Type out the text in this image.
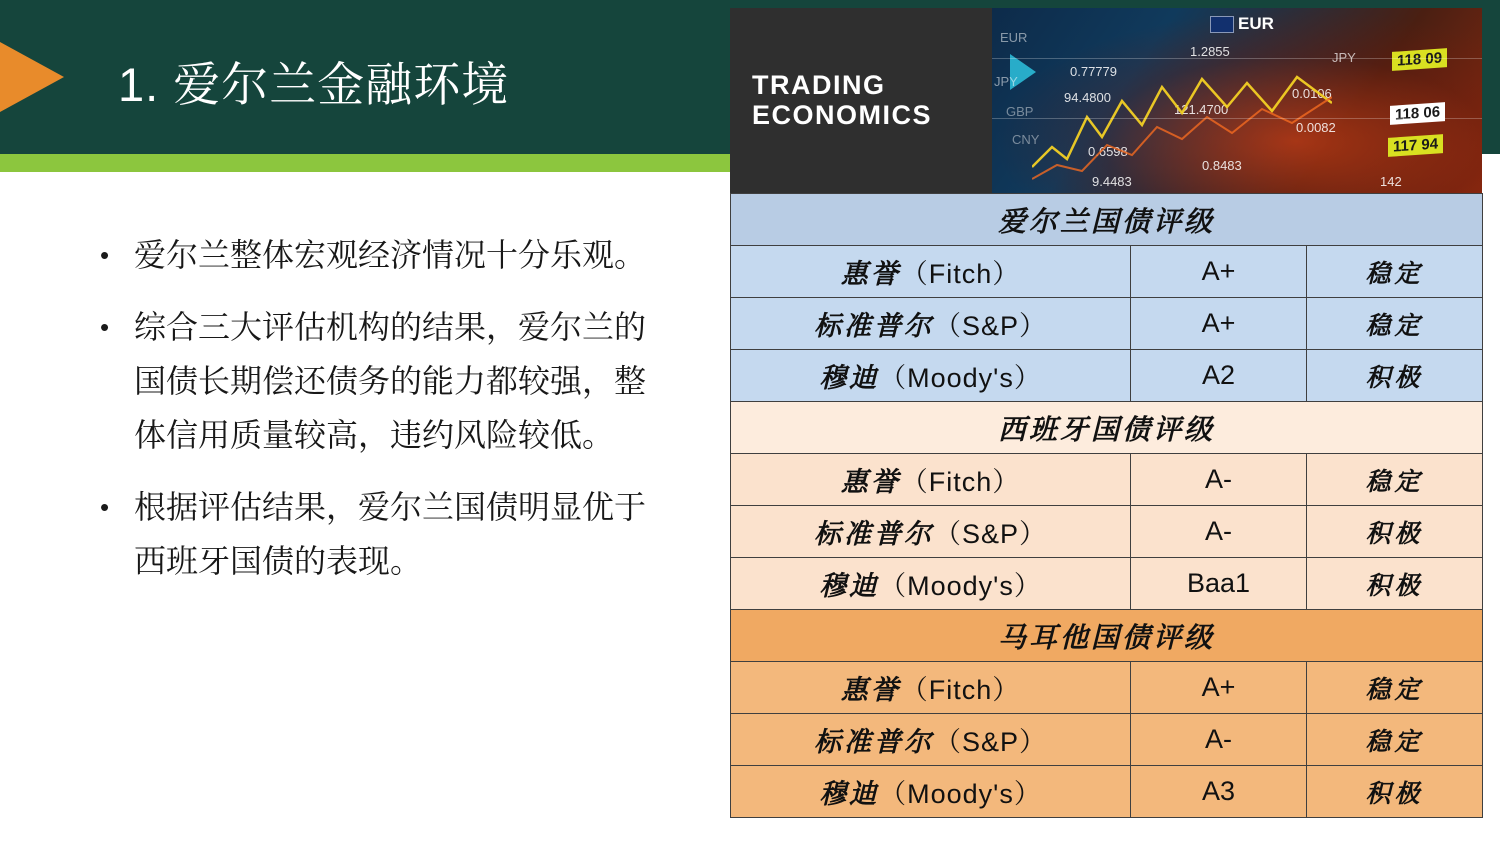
1. 爱尔兰金融环境
• 爱尔兰整体宏观经济情况十分乐观。
• 综合三大评估机构的结果，爱尔兰的国债长期偿还债务的能力都较强，整体信用质量较高，违约风险较低。
• 根据评估结果，爱尔兰国债明显优于西班牙国债的表现。
TRADING
ECONOMICS
EUR
EUR
JPY
GBP
CNY
0.77779
94.4800
1.2855
121.4700
0.0082
0.0106
0.6598
0.8483
9.4483	142
JPY	118 09
118 06
117 94
爱尔兰国债评级		
惠誉（Fitch）	A+	稳定
标准普尔（S&P）	A+	稳定
穆迪（Moody's）	A2	积极
西班牙国债评级		
惠誉（Fitch）	A-	稳定
标准普尔（S&P）	A-	积极
穆迪（Moody's）	Baa1	积极
马耳他国债评级		
惠誉（Fitch）	A+	稳定
标准普尔（S&P）	A-	稳定
穆迪（Moody's）	A3	积极
